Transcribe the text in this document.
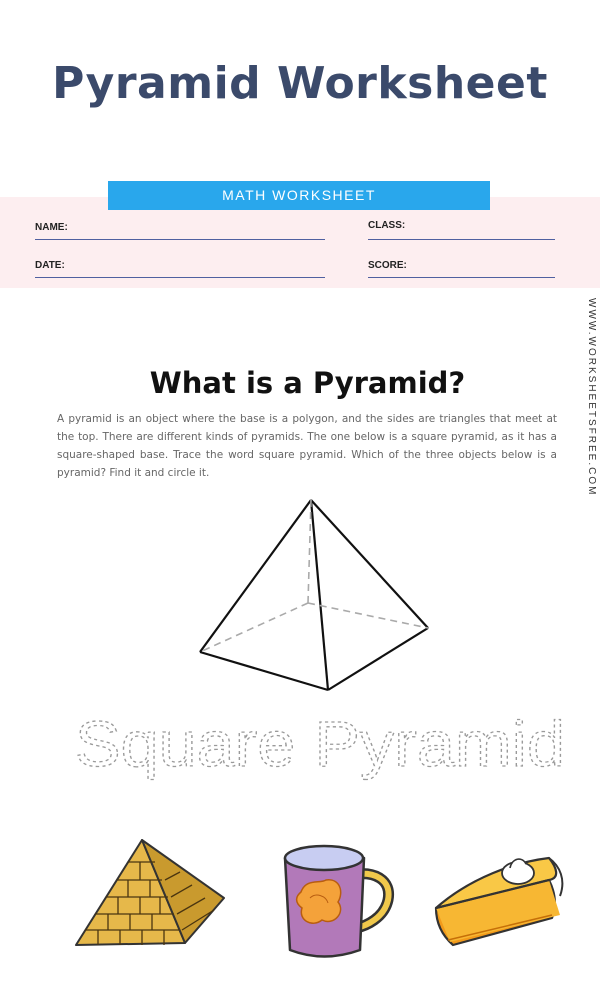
Pyramid Worksheet
MATH WORKSHEET
NAME:	CLASS:
DATE:	SCORE:
WWW.WORKSHEETSFREE.COM
What is a Pyramid?
A pyramid is an object where the base is a polygon, and the sides are triangles that meet at the top. There are different kinds of pyramids. The one below is a square pyramid, as it has a square-shaped base. Trace the word square pyramid. Which of the three objects below is a pyramid? Find it and circle it.
Square Pyramid
